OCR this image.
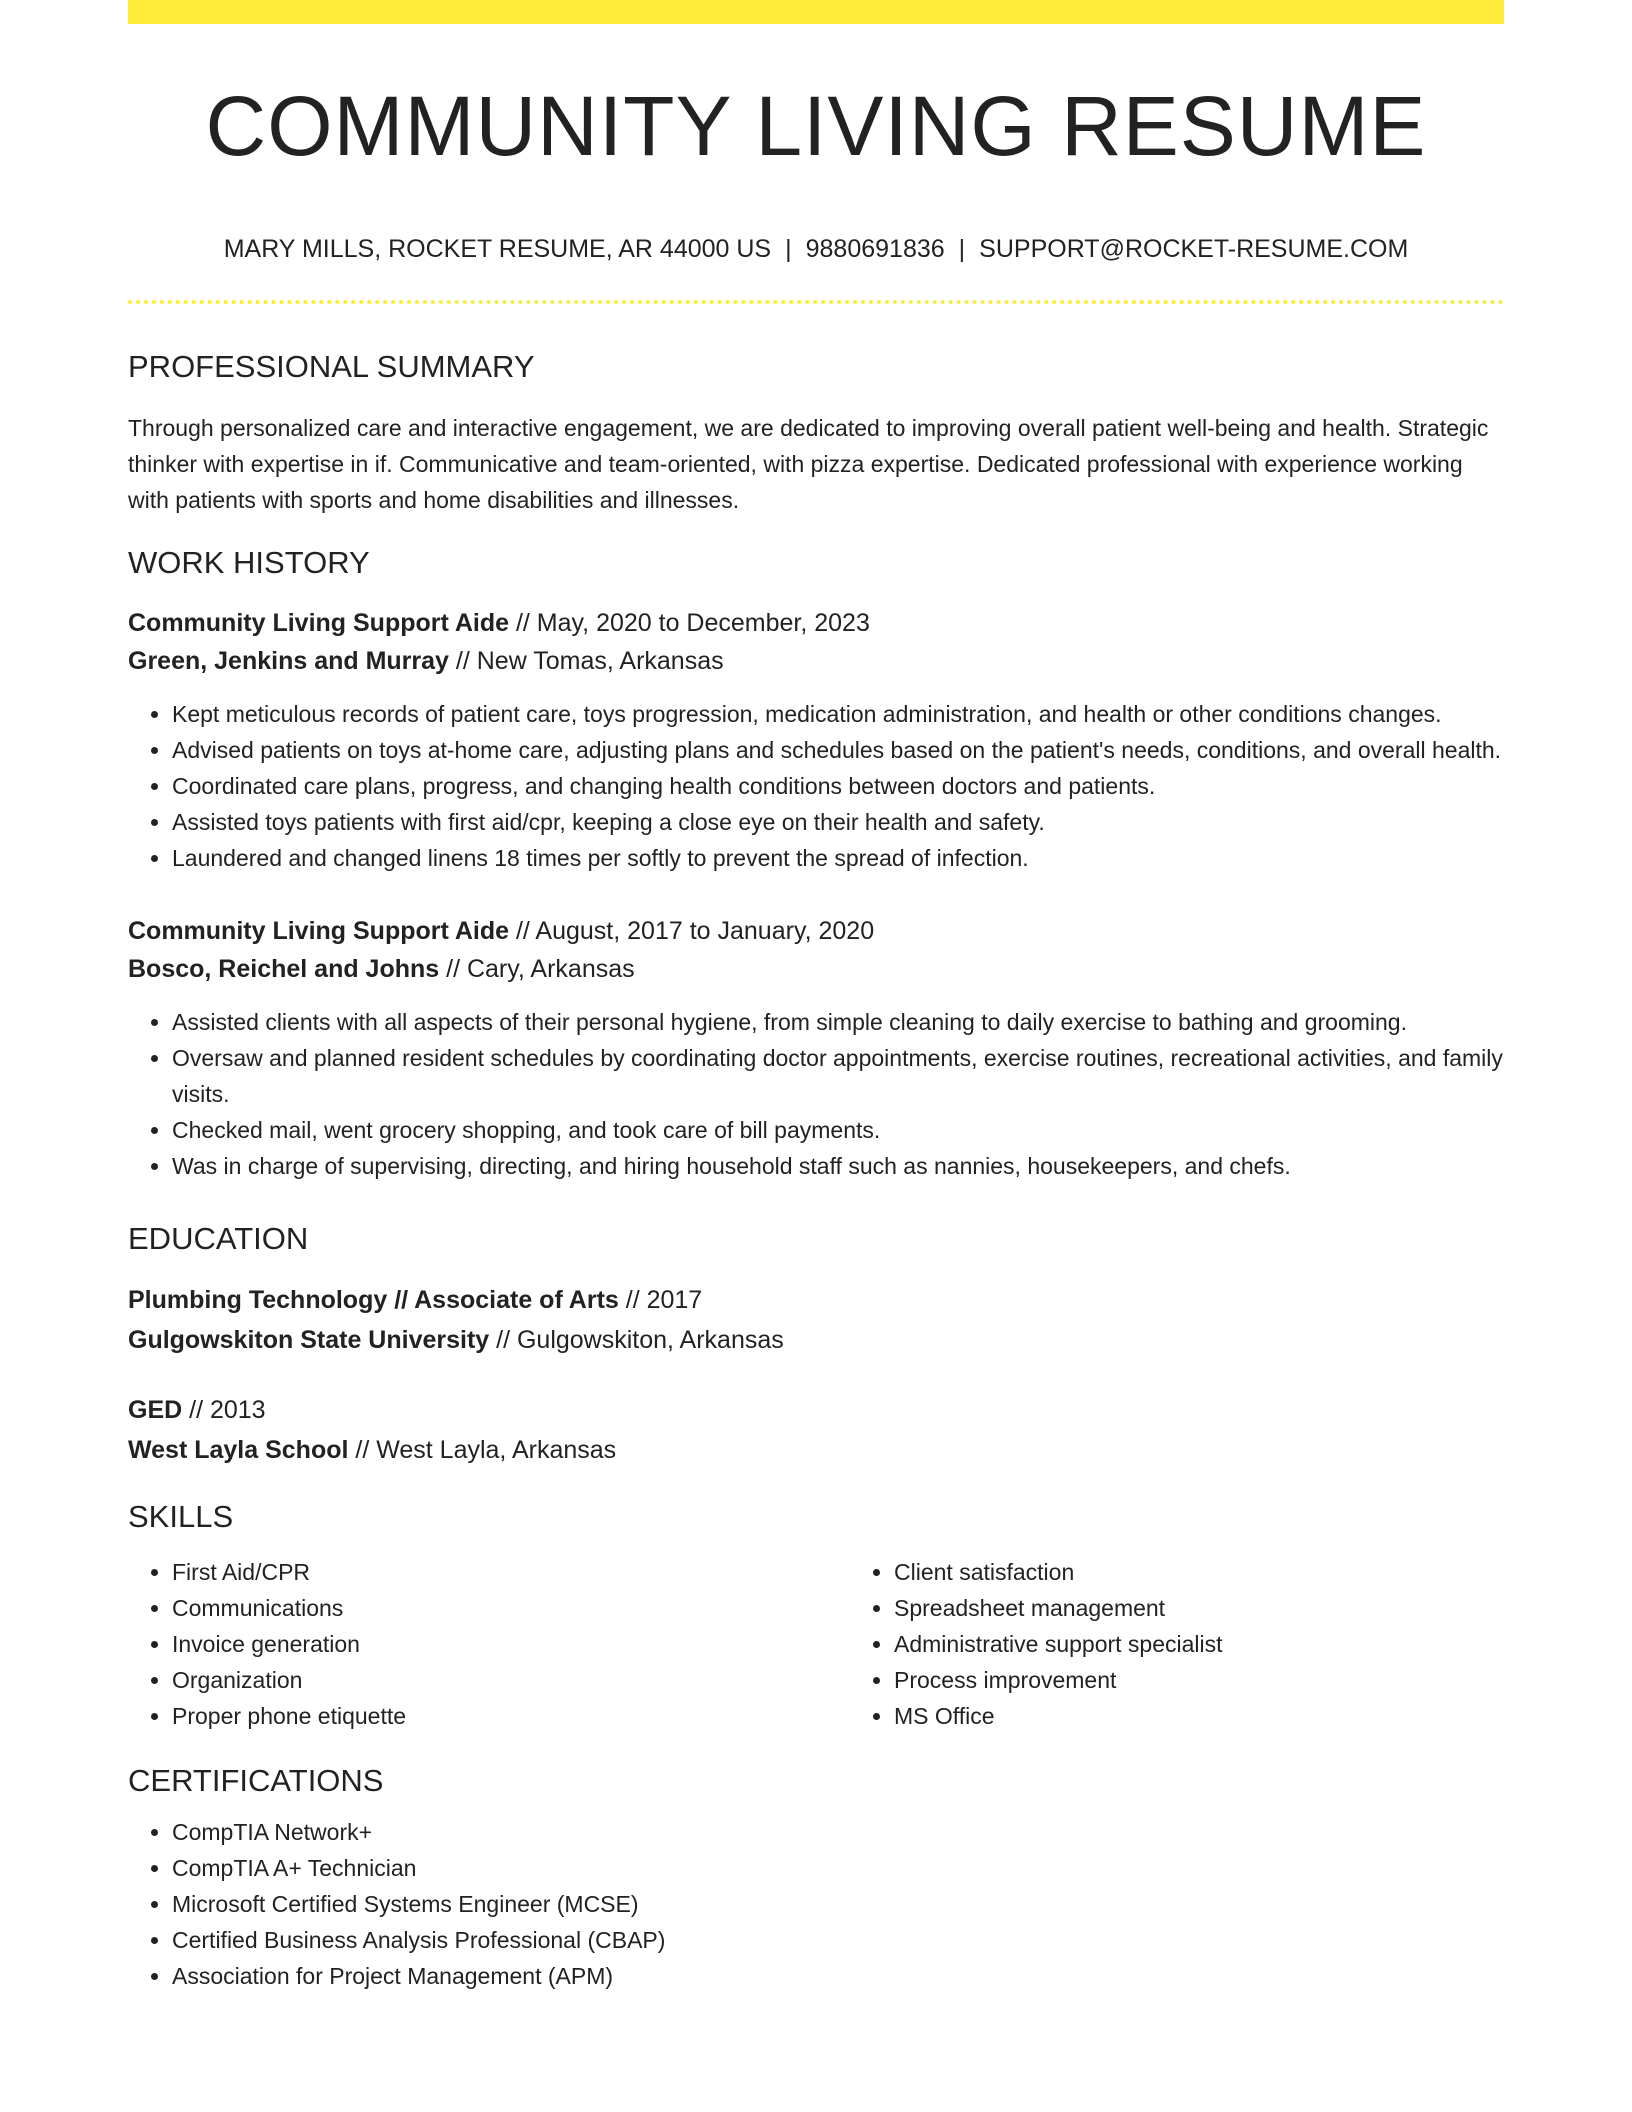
COMMUNITY LIVING RESUME
MARY MILLS, ROCKET RESUME, AR 44000 US | 9880691836 | SUPPORT@ROCKET-RESUME.COM
PROFESSIONAL SUMMARY
Through personalized care and interactive engagement, we are dedicated to improving overall patient well-being and health. Strategic thinker with expertise in if. Communicative and team-oriented, with pizza expertise. Dedicated professional with experience working with patients with sports and home disabilities and illnesses.
WORK HISTORY
Community Living Support Aide // May, 2020 to December, 2023
Green, Jenkins and Murray // New Tomas, Arkansas
• Kept meticulous records of patient care, toys progression, medication administration, and health or other conditions changes.
• Advised patients on toys at-home care, adjusting plans and schedules based on the patient's needs, conditions, and overall health.
• Coordinated care plans, progress, and changing health conditions between doctors and patients.
• Assisted toys patients with first aid/cpr, keeping a close eye on their health and safety.
• Laundered and changed linens 18 times per softly to prevent the spread of infection.
Community Living Support Aide // August, 2017 to January, 2020
Bosco, Reichel and Johns // Cary, Arkansas
• Assisted clients with all aspects of their personal hygiene, from simple cleaning to daily exercise to bathing and grooming.
• Oversaw and planned resident schedules by coordinating doctor appointments, exercise routines, recreational activities, and family visits.
• Checked mail, went grocery shopping, and took care of bill payments.
• Was in charge of supervising, directing, and hiring household staff such as nannies, housekeepers, and chefs.
EDUCATION
Plumbing Technology // Associate of Arts // 2017
Gulgowskiton State University // Gulgowskiton, Arkansas
GED // 2013
West Layla School // West Layla, Arkansas
SKILLS
• First Aid/CPR
• Communications
• Invoice generation
• Organization
• Proper phone etiquette
• Client satisfaction
• Spreadsheet management
• Administrative support specialist
• Process improvement
• MS Office
CERTIFICATIONS
• CompTIA Network+
• CompTIA A+ Technician
• Microsoft Certified Systems Engineer (MCSE)
• Certified Business Analysis Professional (CBAP)
• Association for Project Management (APM)
